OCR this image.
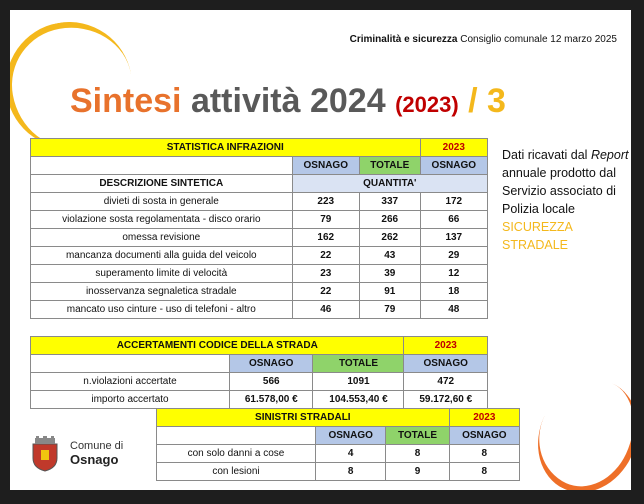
Criminalità e sicurezza Consiglio comunale 12 marzo 2025
Sintesi attività 2024 (2023) / 3
STATISTICA INFRAZIONI			2023
	OSNAGO	TOTALE	OSNAGO
DESCRIZIONE SINTETICA	QUANTITA'		
divieti di sosta in generale	223	337	172
violazione sosta regolamentata - disco orario	79	266	66
omessa revisione	162	262	137
mancanza documenti alla guida del veicolo	22	43	29
superamento limite di velocità	23	39	12
inosservanza segnaletica stradale	22	91	18
mancato uso cinture - uso di telefoni - altro	46	79	48
ACCERTAMENTI CODICE DELLA STRADA			2023
	OSNAGO	TOTALE	OSNAGO
n.violazioni accertate	566	1091	472
importo accertato	61.578,00 €	104.553,40 €	59.172,60 €
SINISTRI STRADALI			2023
	OSNAGO	TOTALE	OSNAGO
con solo danni a cose	4	8	8
con lesioni	8	9	8
Dati ricavati dal Report annuale prodotto dal Servizio associato di Polizia locale SICUREZZA STRADALE
Comune di
Osnago
